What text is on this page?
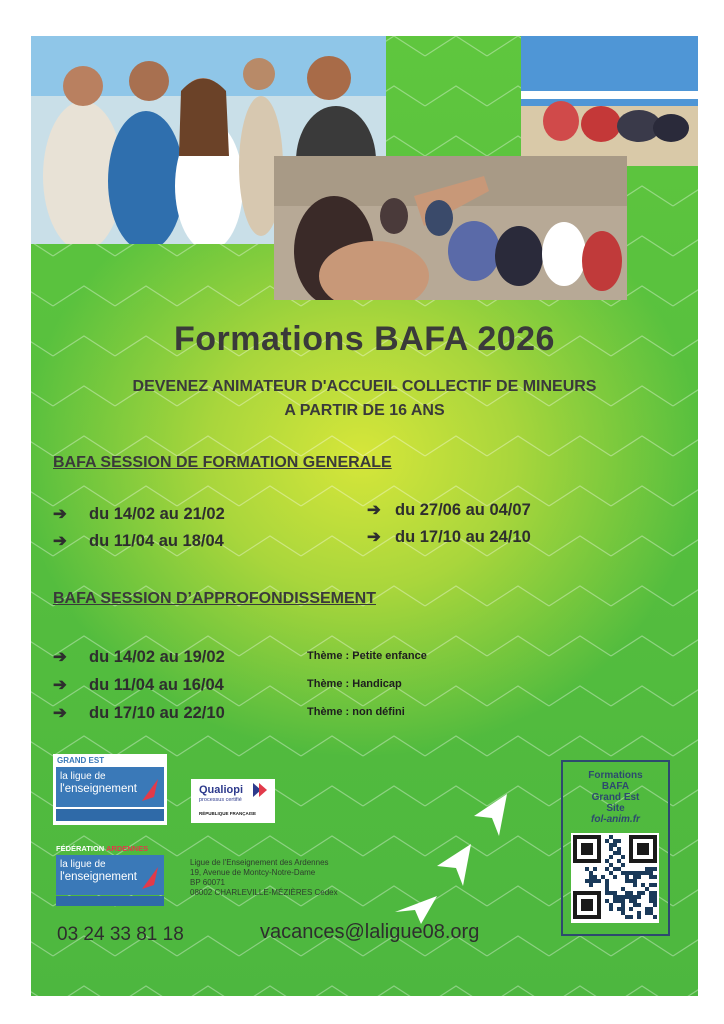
Formations BAFA 2026
DEVENEZ ANIMATEUR D'ACCUEIL COLLECTIF DE MINEURS
A PARTIR DE 16 ANS
BAFA SESSION DE FORMATION GENERALE
➔ du 14/02 au 21/02
➔ du 11/04 au 18/04
➔ du 27/06 au 04/07
➔ du 17/10 au 24/10
BAFA SESSION D’APPROFONDISSEMENT
➔ du 14/02 au 19/02	Thème : Petite enfance
➔ du 11/04 au 16/04	Thème : Handicap
➔ du 17/10 au 22/10	Thème : non défini
GRAND EST
la ligue de
l'enseignement	Qualiopi
processus certifié
RÉPUBLIQUE FRANÇAISE
FÉDÉRATION ARDENNES
la ligue de
l'enseignement
Ligue de l'Enseignement des Ardennes
19, Avenue de Montcy-Notre-Dame
BP 60071
08002 CHARLEVILLE-MÉZIÈRES Cedex
Formations
BAFA
Grand Est
Site
fol-anim.fr
03 24 33 81 18	vacances@laligue08.org
